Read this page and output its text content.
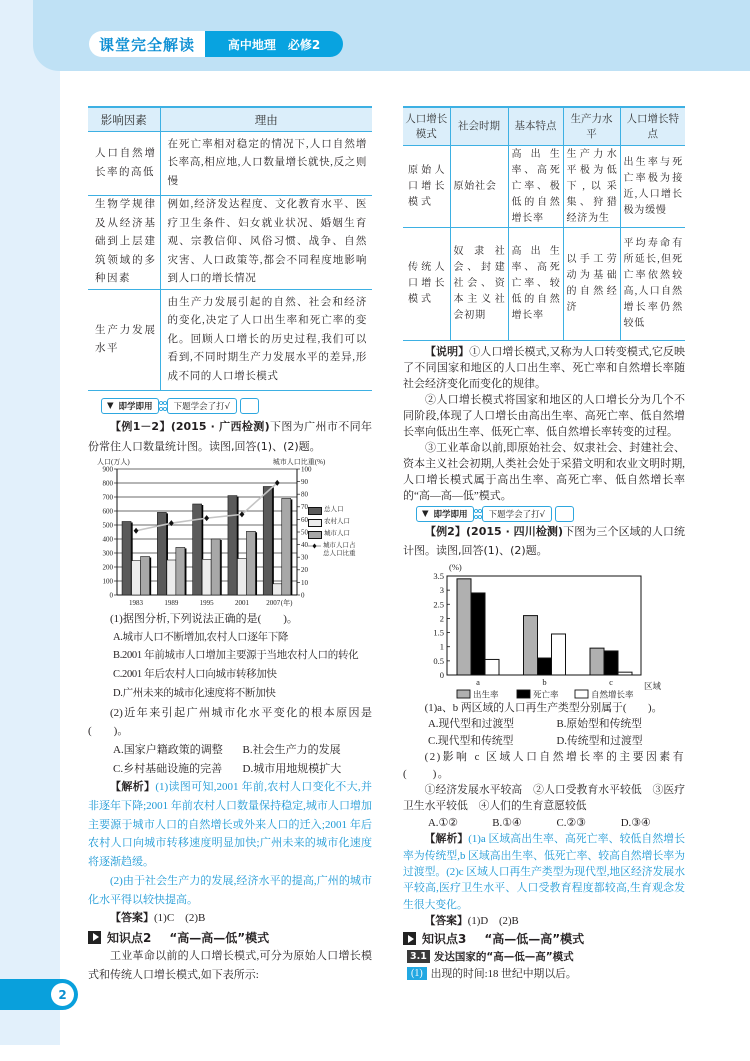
课堂完全解读	高中地理 必修2
影响因素	理由
人口自然增长率的高低	在死亡率相对稳定的情况下,人口自然增长率高,相应地,人口数量增长就快,反之则慢
生物学规律及从经济基础到上层建筑领域的多种因素	例如,经济发达程度、文化教育水平、医疗卫生条件、妇女就业状况、婚姻生育观、宗教信仰、风俗习惯、战争、自然灾害、人口政策等,都会不同程度地影响到人口的增长情况
生产力发展水平	由生产力发展引起的自然、社会和经济的变化,决定了人口出生率和死亡率的变化。回顾人口增长的历史过程,我们可以看到,不同时期生产力发展水平的差异,形成不同的人口增长模式
▼ 即学即用	下题学会了打√

【例1－2】(2015 · 广西检测)下图为广州市不同年份常住人口数量统计图。读图,回答(1)、(2)题。

0
100
200
300
400
500
600
700
800
900
0
10
20
30
40
50
60
70
80
90
100
人口(万人)	城市人口比重(%)
1983	1989	1995	2001 2007 (年)
总人口
农村人口
城市人口
城市人口占总人口比重

(1)据图分析,下列说法正确的是(　　)。

A.城市人口不断增加,农村人口逐年下降

B.2001 年前城市人口增加主要源于当地农村人口的转化

C.2001 年后农村人口向城市转移加快

D.广州未来的城市化速度将不断加快

(2)近年来引起广州城市化水平变化的根本原因是(　　)。

A.国家户籍政策的调整	B.社会生产力的发展

C.乡村基础设施的完善	D.城市用地规模扩大

【解析】(1)读图可知,2001 年前,农村人口变化不大,并非逐年下降;2001 年前农村人口数量保持稳定,城市人口增加主要源于城市人口的自然增长或外来人口的迁入;2001 年后农村人口向城市转移速度明显加快;广州未来的城市化速度将逐渐趋缓。

(2)由于社会生产力的发展,经济水平的提高,广州的城市化水平得以较快提高。

【答案】(1)C　(2)B

知识点2 “高—高—低”模式

工业革命以前的人口增长模式,可分为原始人口增长模式和传统人口增长模式,如下表所示:

人口增长模式	社会时期	基本特点	生产力水平	人口增长特点
原始人口增长模式	原始社会	高出生率、高死亡率、极低的自然增长率	生产力水平极为低下,以采集、狩猎经济为生	出生率与死亡率极为接近,人口增长极为缓慢
传统人口增长模式	奴隶社会、封建社会、资本主义社会初期	高出生率、高死亡率、较低的自然增长率	以手工劳动为基础的自然经济	平均寿命有所延长,但死亡率依然较高,人口自然增长率仍然较低

【说明】①人口增长模式,又称为人口转变模式,它反映了不同国家和地区的人口出生率、死亡率和自然增长率随社会经济变化而变化的规律。

②人口增长模式将国家和地区的人口增长分为几个不同阶段,体现了人口增长由高出生率、高死亡率、低自然增长率向低出生率、低死亡率、低自然增长率转变的过程。

③工业革命以前,即原始社会、奴隶社会、封建社会、资本主义社会初期,人类社会处于采猎文明和农业文明时期,人口增长模式属于高出生率、高死亡率、低自然增长率的“高—高—低”模式。

▼ 即学即用	下题学会了打√

【例2】(2015 · 四川检测)下图为三个区域的人口统计图。读图,回答(1)、(2)题。

0
0.5
1
1.5
2
2.5
3
3.5
(%)
a	b	c	区域
出生率	死亡率	自然增长率

(1)a、b 两区域的人口再生产类型分别属于(　　)。

A.现代型和过渡型	B.原始型和传统型

C.现代型和传统型	D.传统型和过渡型

(2)影响 c 区域人口自然增长率的主要因素有(　　)。

①经济发展水平较高　 ②人口受教育水平较低　 ③医疗卫生水平较低　 ④人们的生育意愿较低

A.①②	B.①④	C.②③	D.③④

【解析】(1)a 区域高出生率、高死亡率、较低自然增长率为传统型,b 区域高出生率、低死亡率、较高自然增长率为过渡型。(2)c 区域人口再生产类型为现代型,地区经济发展水平较高,医疗卫生水平、人口受教育程度都较高,生育观念发生很大变化。

【答案】(1)D　(2)B

知识点3 “高—低—高”模式
3.1 发达国家的“高—低—高”模式
(1) 出现的时间:18 世纪中期以后。
2
